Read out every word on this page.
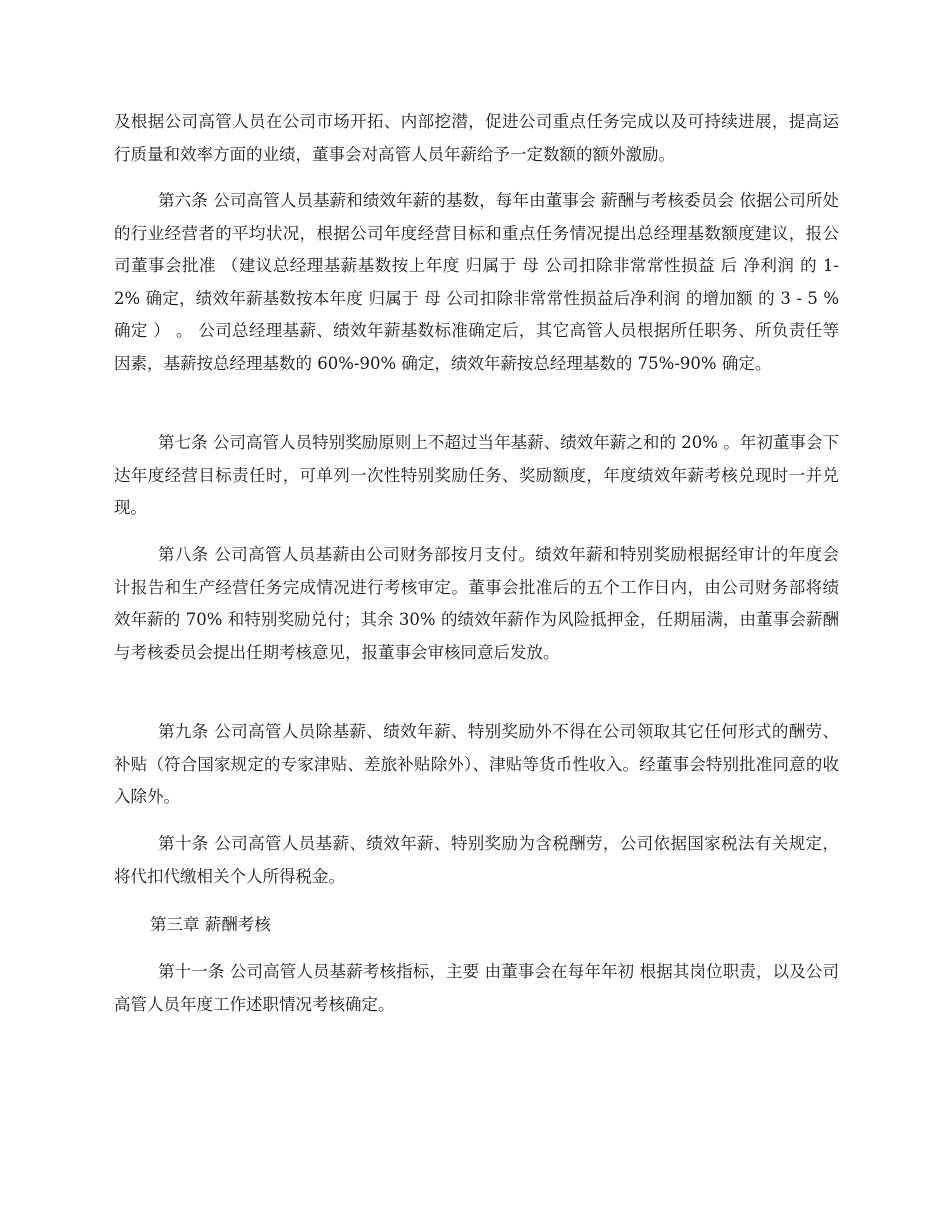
及根据公司高管人员在公司市场开拓、内部挖潜，促进公司重点任务完成以及可持续进展，提高运行质量和效率方面的业绩，董事会对高管人员年薪给予一定数额的额外激励。

第六条 公司高管人员基薪和绩效年薪的基数，每年由董事会 薪酬与考核委员会 依据公司所处的行业经营者的平均状况，根据公司年度经营目标和重点任务情况提出总经理基数额度建议，报公司董事会批准 （建议总经理基薪基数按上年度 归属于 母 公司扣除非常常性损益 后 净利润 的 1-2% 确定，绩效年薪基数按本年度 归属于 母 公司扣除非常常性损益后净利润 的增加额 的 3 - 5 % 确定 ） 。 公司总经理基薪、绩效年薪基数标准确定后，其它高管人员根据所任职务、所负责任等因素，基薪按总经理基数的 60%-90% 确定，绩效年薪按总经理基数的 75%-90% 确定。

第七条 公司高管人员特别奖励原则上不超过当年基薪、绩效年薪之和的 20% 。年初董事会下达年度经营目标责任时，可单列一次性特别奖励任务、奖励额度，年度绩效年薪考核兑现时一并兑现。

第八条 公司高管人员基薪由公司财务部按月支付。绩效年薪和特别奖励根据经审计的年度会计报告和生产经营任务完成情况进行考核审定。董事会批准后的五个工作日内，由公司财务部将绩效年薪的 70% 和特别奖励兑付；其余 30% 的绩效年薪作为风险抵押金，任期届满，由董事会薪酬与考核委员会提出任期考核意见，报董事会审核同意后发放。

第九条 公司高管人员除基薪、绩效年薪、特别奖励外不得在公司领取其它任何形式的酬劳、补贴（符合国家规定的专家津贴、差旅补贴除外）、津贴等货币性收入。经董事会特别批准同意的收入除外。

第十条 公司高管人员基薪、绩效年薪、特别奖励为含税酬劳，公司依据国家税法有关规定，将代扣代缴相关个人所得税金。

第三章 薪酬考核

第十一条 公司高管人员基薪考核指标，主要 由董事会在每年年初 根据其岗位职责，以及公司高管人员年度工作述职情况考核确定。
